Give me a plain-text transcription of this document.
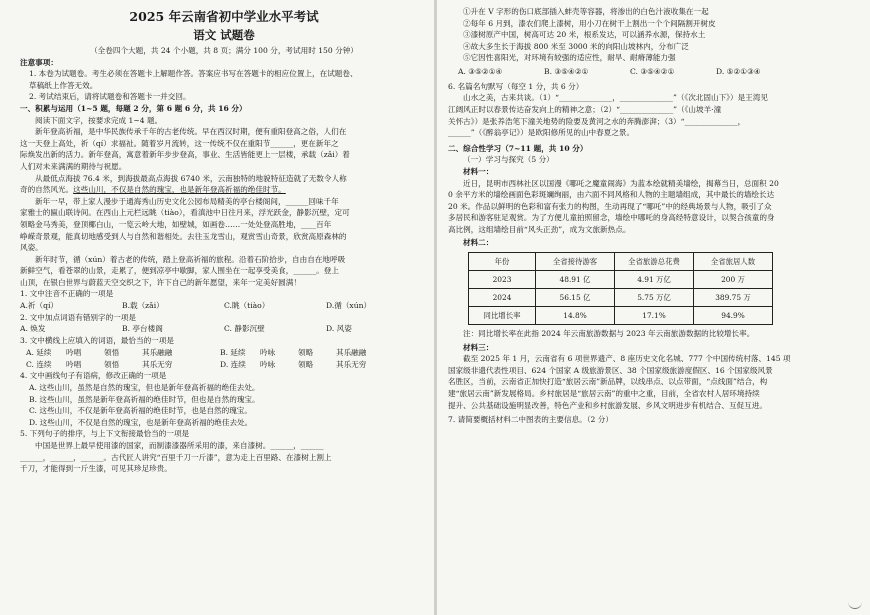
2025 年云南省初中学业水平考试

语文 试题卷

（全卷四个大题，共 24 个小题，共 8 页；满分 100 分，考试用时 150 分钟）

注意事项：

1. 本卷为试题卷。考生必须在答题卡上解题作答。答案应书写在答题卡的相应位置上，在试题卷、

草稿纸上作答无效。

2. 考试结束后，请将试题卷和答题卡一并交回。

一、积累与运用（1~5 题，每题 2 分，第 6 题 6 分，共 16 分）

阅读下面文字，按要求完成 1~4 题。

新年登高祈福，是中华民族传承千年的古老传统。早在西汉时期，便有重阳登高之俗，人们在

这一天登上高处，祈（qí）求福祉。随着岁月流转，这一传统不仅在重阳节______，更在新年之

际焕发出新的活力。新年登高，寓意着新年步步登高，事业、生活皆能更上一层楼，承载（zǎi）着

人们对未来满满的期待与祝愿。

从最低点海拔 76.4 米，到海拔最高点海拔 6740 米，云南独特的地貌特征造就了无数令人称

奇的自然风光。这些山川，不仅是自然的瑰宝，也是新年登高祈福的绝佳时节。

新年一早，带上家人漫步于通海秀山历史文化公园布局精美的亭台楼阁间，______回味千年

家雅士的匾山联诗间。在西山上元栏远眺（tiào），看滇池中日往月来，浮光跃金，静影沉壁，定可

领略金马秀美，登顶椰白山，一览云岭大地，如壁城，如画卷……一处处登高胜地，____百年

峥嵘奇景观，能真切地感受到人与自然和谐相处。去往玉龙雪山，观赏雪山奇景，欣赏高原森林的

风姿。

新年时节，循（xún）着古老的传统，踏上登高祈福的旅程。沿着石阶拾步，自由自在地呼吸

新鲜空气，看苍翠的山景，走累了，便到凉亭中歇脚，家人围坐在一起享受美食，______。登上

山顶，在银白世界与蔚蓝天空交织之下，许下自己的新年愿望，来年一定美好圆满！

1. 文中注音不正确的一项是

A.祈（qí）	B.载（zǎi）	C.眺（tiào）	D.循（xún）

2. 文中加点词语有错别字的一项是

A. 焕发	B. 亭台楼阁	C. 静影沉壁	D. 风姿

3. 文中横线上应填入的词语，最恰当的一项是

A. 延续	吟唱	领悟	其乐融融	B. 延续	吟咏	领略	其乐融融
C. 连续	吟唱	领悟	其乐无穷	D. 连续	吟咏	领略	其乐无穷

4. 文中画线句子有语病，修改正确的一项是

A. 这些山川，虽然是自然的瑰宝，但也是新年登高祈福的绝佳去处。

B. 这些山川，虽然是新年登高祈福的绝佳时节，但也是自然的瑰宝。

C. 这些山川，不仅是新年登高祈福的绝佳时节，也是自然的瑰宝。

D. 这些山川，不仅是自然的瑰宝，也是新年登高祈福的绝佳去处。

5. 下列句子的排序，与上下文衔接最恰当的一项是

中国是世界上最早使用漆的国家，而制漆漆器所采用的漆，来自漆树。______，______

______，______，______。古代匠人讲究“百里千刀一斤漆”，意为走上百里路、在漆树上割上

千刀，才能得到一斤生漆，可见其珍足珍贵。

①升在 V 字形的伤口底部插入蚌壳等容器，将渗出的白色汁液收集在一起

②每年 6 月到，漆农们爬上漆树，用小刀在树干上割出一个个间隔割开树皮

③漆树原产中国，树高可达 20 米，根系发达，可以涵养水源，保持水土

④故大多生长于海拔 800 米至 3000 米的向阳山坡林内，分布广泛

⑤它因性喜阳光，对环境有较强的适应性，耐旱、耐瘠薄能力强

A. ③⑤②①④	B. ③⑤④②①	C. ③⑤④②①	D. ⑤②①③④

6. 名篇名句默写（每空 1 分，共 6 分）

山水之美，古来共谈。（1）“______________，______________”（《次北固山下》）是王湾见

江阔风正时以春景传达奋发向上的精神之意；（2）“______________”（《山坡羊·潼

关怀古》）是张养浩笔下潼关地势的险要及黄河之水的奔腾澎湃；（3）“______________，

______”（《醉翁亭记》）是欧阳修所见的山中春夏之景。

二、综合性学习（7~11 题，共 10 分）

（一）学习与探究（5 分）

材料一：

近日，昆明市西林社区以国漫《哪吒之魔童闹海》为蓝本绘就精美墙绘，揭幕当日，总面积 20

0 余平方米的墙绘画面色彩斑斓绚丽，由六面不同风格和人物的主题墙组成，其中最长的墙绘长达

20 米。作品以鲜明的色彩和富有张力的构图，生动再现了“哪吒”中的经典场景与人物，吸引了众

多居民和游客驻足观赏。为了方便儿童拍照留念，墙绘中哪吒的身高经特意设计，以契合孩童的身

高比例，这组墙绘目前“风头正劲”，成为文旅新热点。

材料二：

年份	全省接待游客	全省旅游总花费	全省旅居人数
2023	48.91 亿	4.91 万亿	200 万
2024	56.15 亿	5.75 万亿	389.75 万
同比增长率	14.8%	17.1%	94.9%

注：同比增长率在此指 2024 年云南旅游数据与 2023 年云南旅游数据的比较增长率。

材料三：

截至 2025 年 1 月，云南省有 6 项世界遗产、8 座历史文化名城、777 个中国传统村落、145 项

国家级非遗代表性项目、624 个国家 A 级旅游景区、38 个国家级旅游度假区、16 个国家级风景

名胜区，当前，云南省正加快打造“旅居云南”新品牌，以线串点、以点带面，“点线面”结合，构

建“旅居云南”新发展格局。乡村旅居是“旅居云南”的重中之重，目前，全省农村人居环境持续

提升、公共基础设施明显改善，特色产业和乡村旅游发展、乡风文明进步有机结合、互促互进。

7. 请简要概括材料二中图表的主要信息。（2 分）
